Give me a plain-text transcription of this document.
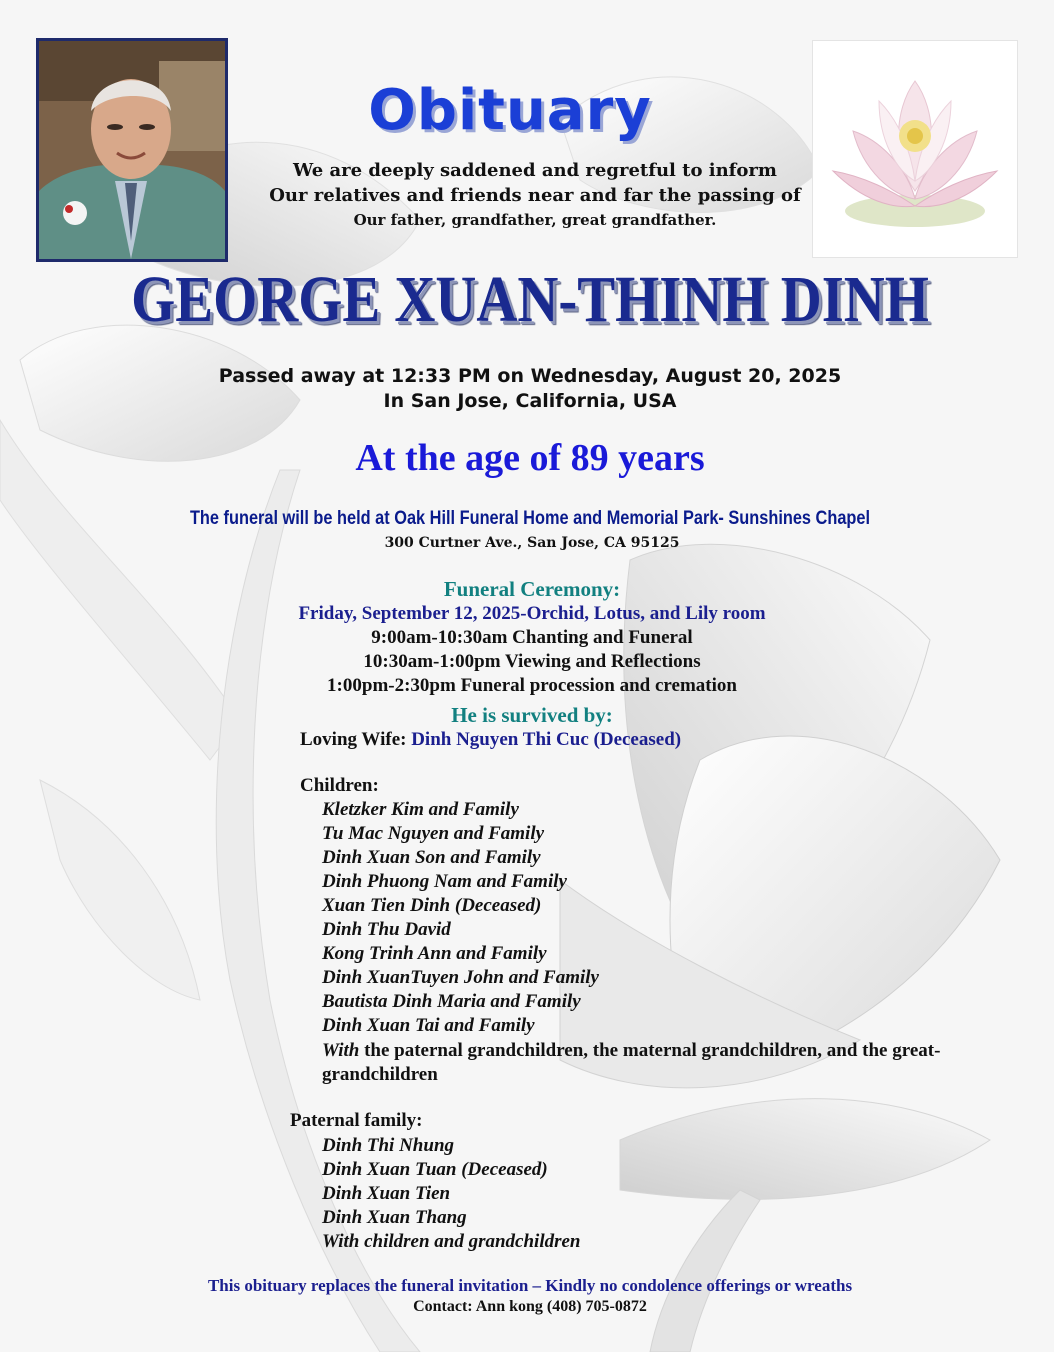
Obituary
We are deeply saddened and regretful to inform
Our relatives and friends near and far the passing of
Our father, grandfather, great grandfather.
GEORGE XUAN-THINH DINH
Passed away at 12:33 PM on Wednesday, August 20, 2025
In San Jose, California, USA
At the age of 89 years
The funeral will be held at Oak Hill Funeral Home and Memorial Park- Sunshines Chapel
300 Curtner Ave., San Jose, CA 95125
Funeral Ceremony:
Friday, September 12, 2025-Orchid, Lotus, and Lily room
9:00am-10:30am Chanting and Funeral
10:30am-1:00pm Viewing and Reflections
1:00pm-2:30pm Funeral procession and cremation
He is survived by:
Loving Wife: Dinh Nguyen Thi Cuc (Deceased)
Children:
Kletzker Kim and Family
Tu Mac Nguyen and Family
Dinh Xuan Son and Family
Dinh Phuong Nam and Family
Xuan Tien Dinh (Deceased)
Dinh Thu David
Kong Trinh Ann and Family
Dinh XuanTuyen John and Family
Bautista Dinh Maria and Family
Dinh Xuan Tai and Family
With the paternal grandchildren, the maternal grandchildren, and the great-grandchildren
Paternal family:
Dinh Thi Nhung
Dinh Xuan Tuan (Deceased)
Dinh Xuan Tien
Dinh Xuan Thang
With children and grandchildren
This obituary replaces the funeral invitation – Kindly no condolence offerings or wreaths
Contact: Ann kong (408) 705-0872
